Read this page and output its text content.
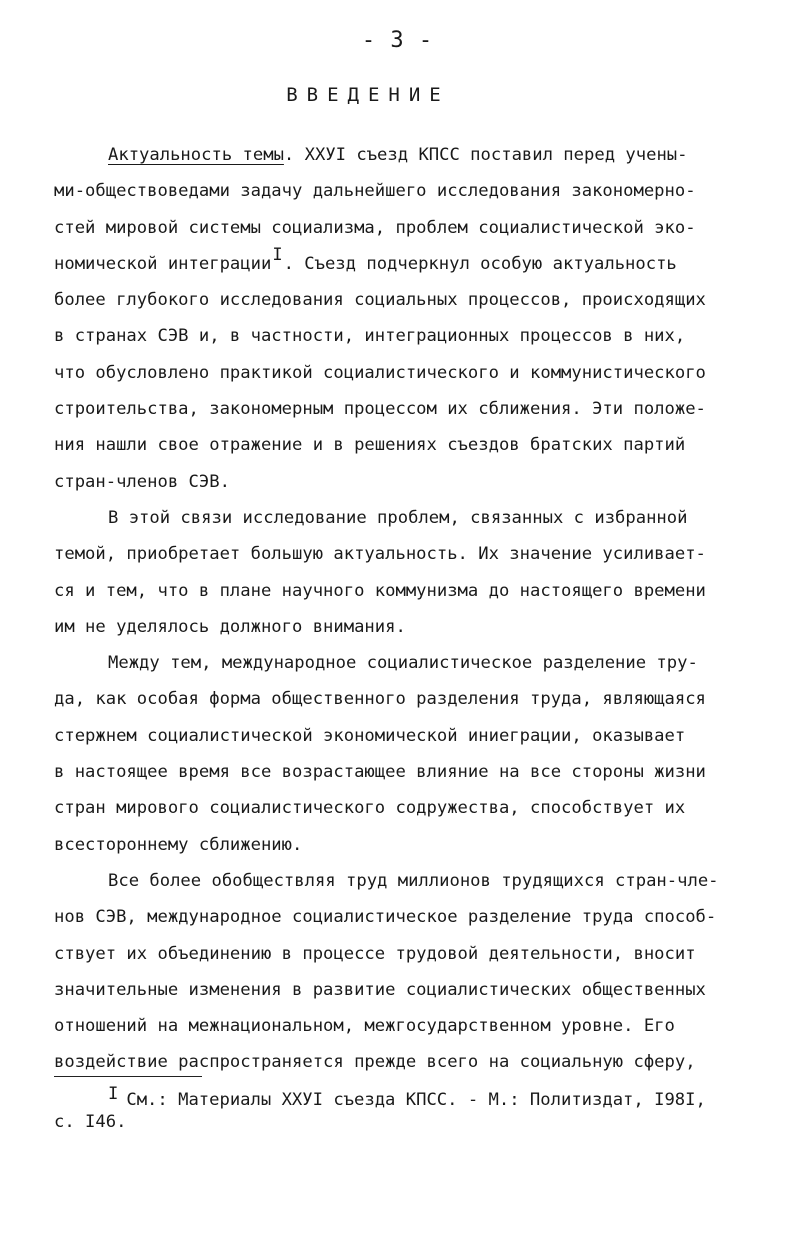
- 3 -
ВВЕДЕНИЕ
Актуальность темы. ХХУI съезд КПСС поставил перед учены-
ми-обществоведами задачу дальнейшего исследования закономерно-
стей мировой системы социализма, проблем социалистической эко-
номической интеграцииI. Съезд подчеркнул особую актуальность
более глубокого исследования социальных процессов, происходящих
в странах СЭВ и, в частности, интеграционных процессов в них,
что обусловлено практикой социалистического и коммунистического
строительства, закономерным процессом их сближения. Эти положе-
ния нашли свое отражение и в решениях съездов братских партий
стран-членов СЭВ.
В этой связи исследование проблем, связанных с избранной
темой, приобретает большую актуальность. Их значение усиливает-
ся и тем, что в плане научного коммунизма до настоящего времени
им не уделялось должного внимания.
Между тем, международное социалистическое разделение тру-
да, как особая форма общественного разделения труда, являющаяся
стержнем социалистической экономической иниеграции, оказывает
в настоящее время все возрастающее влияние на все стороны жизни
стран мирового социалистического содружества, способствует их
всестороннему сближению.
Все более обобществляя труд миллионов трудящихся стран-чле-
нов СЭВ, международное социалистическое разделение труда способ-
ствует их объединению в процессе трудовой деятельности, вносит
значительные изменения в развитие социалистических общественных
отношений на межнациональном, межгосударственном уровне. Его
воздействие распространяется прежде всего на социальную сферу,
I См.: Материалы ХХУI съезда КПСС. - М.: Политиздат, I98I,
с. I46.
